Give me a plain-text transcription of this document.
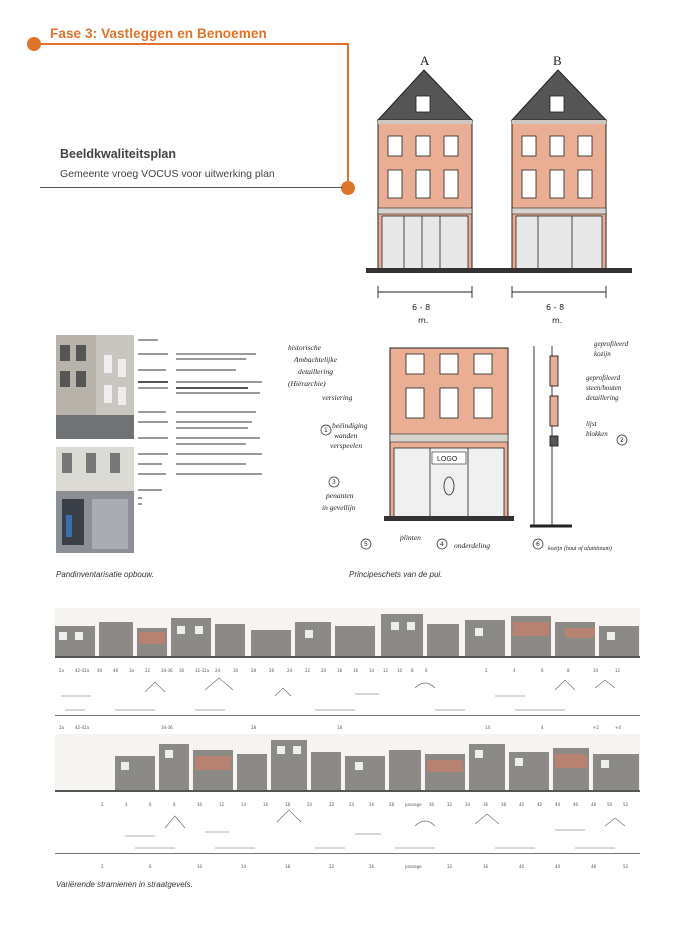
Fase 3: Vastleggen en Benoemen
Beeldkwaliteitsplan
Gemeente vroeg VOCUS voor uitwerking plan
A	B
6 - 8
m.
6 - 8
m.
Pandinventarisatie opbouw.
historische
Ambachtelijke
detaillering
(Hiërarchie)
versiering
beëindiging
wanden
verspeelen
penanten
in gevellijn
plinten
onderdeling
geprofileerd
kozijn
geprofileerd
steen/houten
detaillering
lijst
blokken
kozijn (hout of aluminium)
LOGO
1
3
5	4
2
6
Principeschets van de pui.
2a	42-42a 40	46	3a	22	34-36 30	32-32a 24	30	28	26	24	22	20	18	16	14 12 10 8	6	2	4	6	8	10	12
2a	42-42a	34-36	28	18	14	4	+2	+4
2	4	6	8	10	12	14	16	18	20	22	24	26	28	passage 30	32	34	36	38	40	42	44	46	48	50	52
2	6	10	14	18	22	26	passage	32	36	40	44	48	52
Variërende stramienen in straatgevels.
